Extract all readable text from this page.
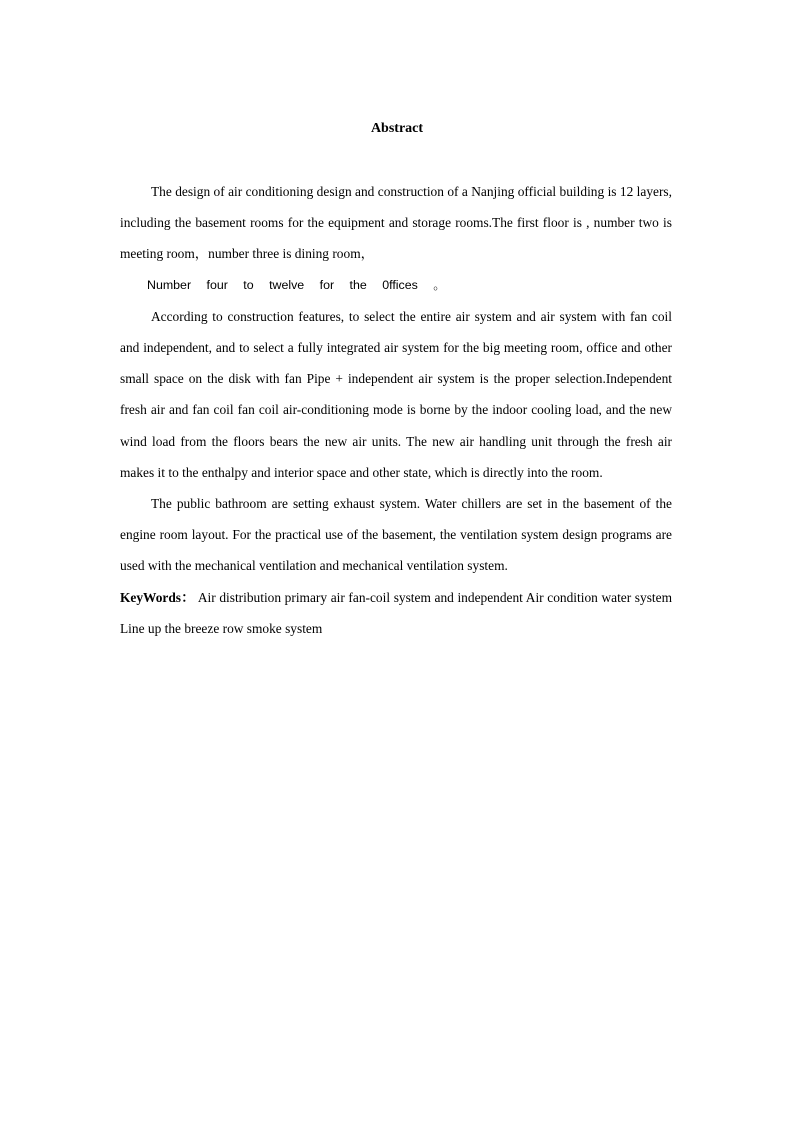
Abstract

The design of air conditioning design and construction of a Nanjing official building is 12 layers, including the basement rooms for the equipment and storage rooms.The first floor is , number two is meeting room，number three is dining room，

Number four to twelve for the 0ffices 。

According to construction features, to select the entire air system and air system with fan coil and independent, and to select a fully integrated air system for the big meeting room, office and other small space on the disk with fan Pipe + independent air system is the proper selection.Independent fresh air and fan coil fan coil air-conditioning mode is borne by the indoor cooling load, and the new wind load from the floors bears the new air units. The new air handling unit through the fresh air makes it to the enthalpy and interior space and other state, which is directly into the room.

The public bathroom are setting exhaust system. Water chillers are set in the basement of the engine room layout. For the practical use of the basement, the ventilation system design programs are used with the mechanical ventilation and mechanical ventilation system.

KeyWords： Air distribution primary air fan-coil system and independent Air condition water system Line up the breeze row smoke system
